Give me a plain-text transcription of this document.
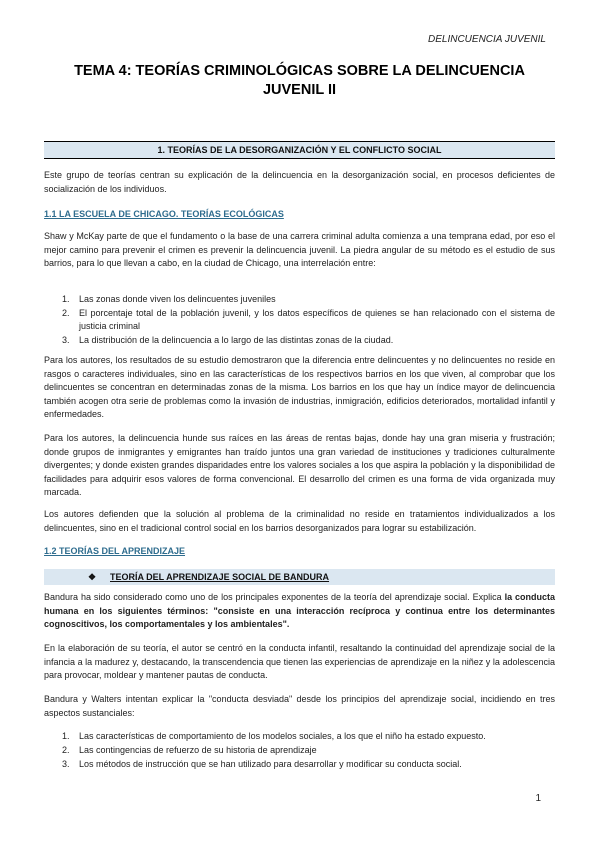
DELINCUENCIA JUVENIL
TEMA 4: TEORÍAS CRIMINOLÓGICAS SOBRE LA DELINCUENCIA
JUVENIL II
1. TEORÍAS DE LA DESORGANIZACIÓN Y EL CONFLICTO SOCIAL
Este grupo de teorías centran su explicación de la delincuencia en la desorganización social, en procesos deficientes de socialización de los individuos.
1.1 LA ESCUELA DE CHICAGO. TEORÍAS ECOLÓGICAS
Shaw y McKay parte de que el fundamento o la base de una carrera criminal adulta comienza a una temprana edad, por eso el mejor camino para prevenir el crimen es prevenir la delincuencia juvenil. La piedra angular de su método es el estudio de sus barrios, para lo que llevan a cabo, en la ciudad de Chicago, una interrelación entre:
1. Las zonas donde viven los delincuentes juveniles
2. El porcentaje total de la población juvenil, y los datos específicos de quienes se han relacionado con el sistema de justicia criminal
3. La distribución de la delincuencia a lo largo de las distintas zonas de la ciudad.
Para los autores, los resultados de su estudio demostraron que la diferencia entre delincuentes y no delincuentes no reside en rasgos o caracteres individuales, sino en las características de los respectivos barrios en los que viven, al comprobar que los delincuentes se concentran en determinadas zonas de la misma. Los barrios en los que hay un índice mayor de delincuencia también acogen otra serie de problemas como la invasión de industrias, inmigración, edificios deteriorados, mortalidad infantil y enfermedades.
Para los autores, la delincuencia hunde sus raíces en las áreas de rentas bajas, donde hay una gran miseria y frustración; donde grupos de inmigrantes y emigrantes han traído juntos una gran variedad de instituciones y tradiciones culturalmente divergentes; y donde existen grandes disparidades entre los valores sociales a los que aspira la población y la disponibilidad de facilidades para adquirir esos valores de forma convencional. El desarrollo del crimen es una forma de vida organizada muy marcada.
Los autores defienden que la solución al problema de la criminalidad no reside en tratamientos individualizados a los delincuentes, sino en el tradicional control social en los barrios desorganizados para lograr su estabilización.
1.2 TEORÍAS DEL APRENDIZAJE
❖ TEORÍA DEL APRENDIZAJE SOCIAL DE BANDURA
Bandura ha sido considerado como uno de los principales exponentes de la teoría del aprendizaje social. Explica la conducta humana en los siguientes términos: "consiste en una interacción recíproca y continua entre los determinantes cognoscitivos, los comportamentales y los ambientales".
En la elaboración de su teoría, el autor se centró en la conducta infantil, resaltando la continuidad del aprendizaje social de la infancia a la madurez y, destacando, la transcendencia que tienen las experiencias de aprendizaje en la niñez y la adolescencia para provocar, moldear y mantener pautas de conducta.
Bandura y Walters intentan explicar la "conducta desviada" desde los principios del aprendizaje social, incidiendo en tres aspectos sustanciales:
1. Las características de comportamiento de los modelos sociales, a los que el niño ha estado expuesto.
2. Las contingencias de refuerzo de su historia de aprendizaje
3. Los métodos de instrucción que se han utilizado para desarrollar y modificar su conducta social.
1
